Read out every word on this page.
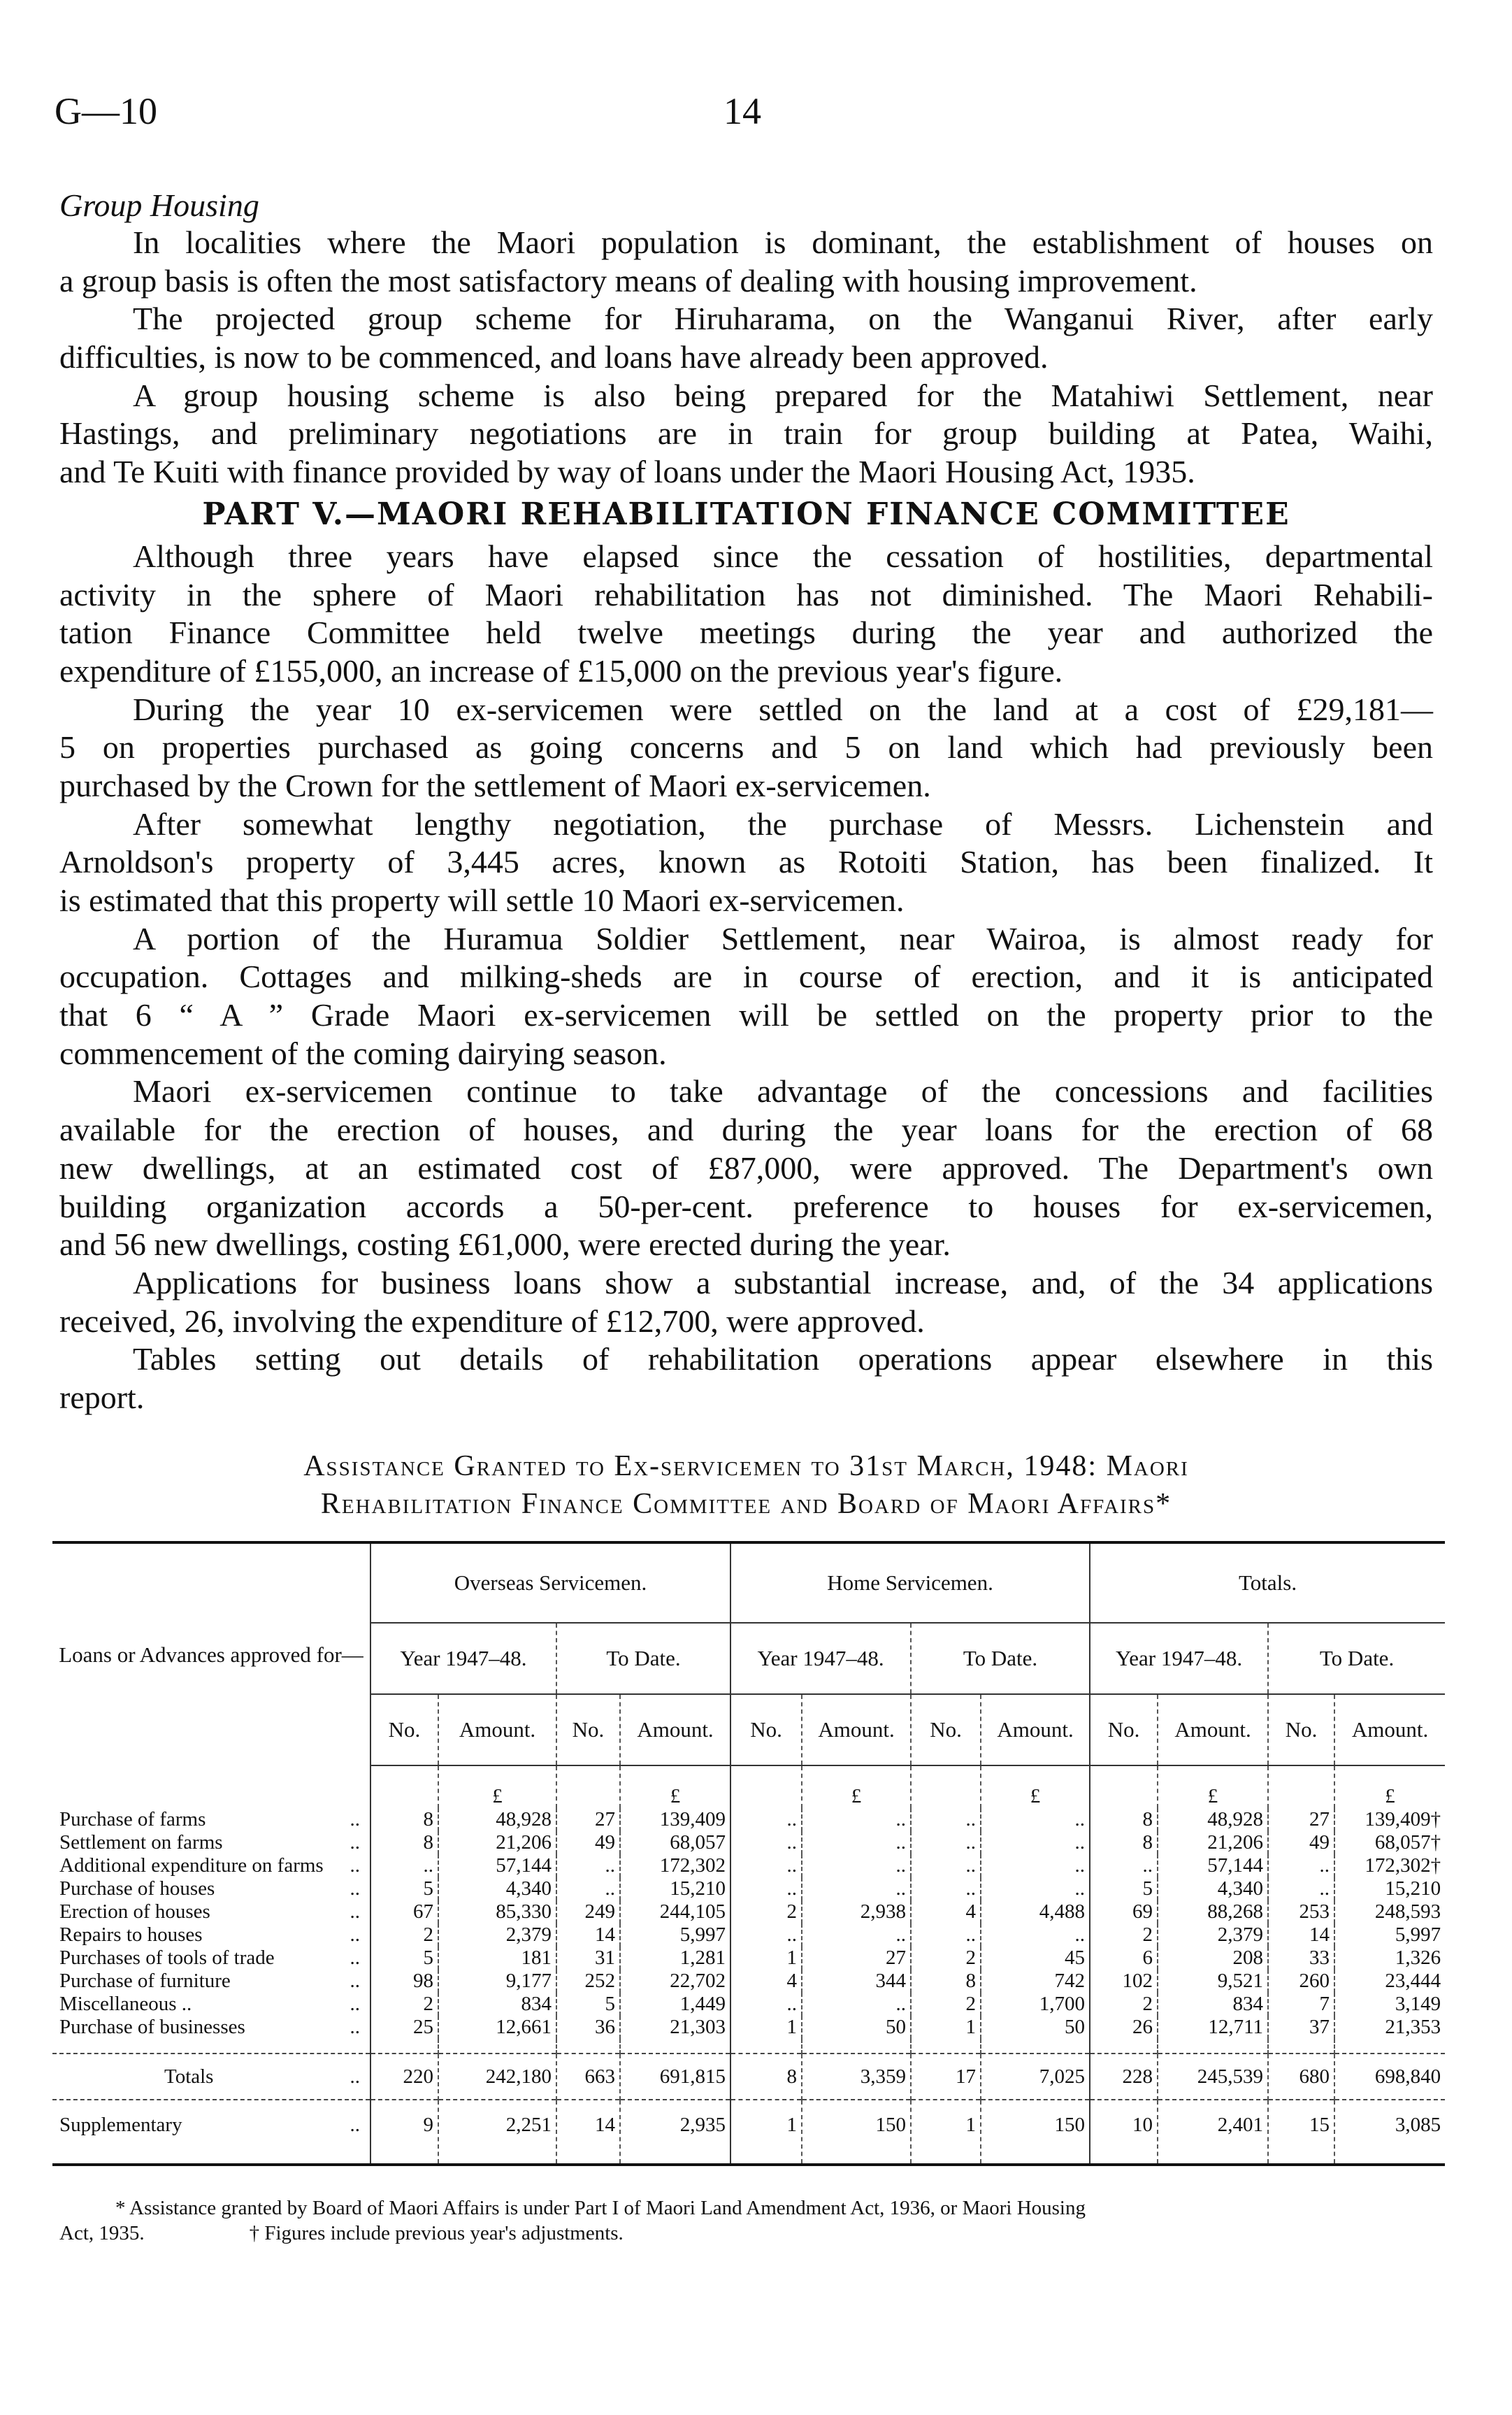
G—10	14
Group Housing
In localities where the Maori population is dominant, the establishment of houses on
a group basis is often the most satisfactory means of dealing with housing improvement.
The projected group scheme for Hiruharama, on the Wanganui River, after early
difficulties, is now to be commenced, and loans have already been approved.
A group housing scheme is also being prepared for the Matahiwi Settlement, near
Hastings, and preliminary negotiations are in train for group building at Patea, Waihi,
and Te Kuiti with finance provided by way of loans under the Maori Housing Act, 1935.
PART V.—MAORI REHABILITATION FINANCE COMMITTEE
Although three years have elapsed since the cessation of hostilities, departmental
activity in the sphere of Maori rehabilitation has not diminished. The Maori Rehabili-
tation Finance Committee held twelve meetings during the year and authorized the
expenditure of £155,000, an increase of £15,000 on the previous year's figure.
During the year 10 ex-servicemen were settled on the land at a cost of £29,181—
5 on properties purchased as going concerns and 5 on land which had previously been
purchased by the Crown for the settlement of Maori ex-servicemen.
After somewhat lengthy negotiation, the purchase of Messrs. Lichenstein and
Arnoldson's property of 3,445 acres, known as Rotoiti Station, has been finalized. It
is estimated that this property will settle 10 Maori ex-servicemen.
A portion of the Huramua Soldier Settlement, near Wairoa, is almost ready for
occupation. Cottages and milking-sheds are in course of erection, and it is anticipated
that 6 “ A ” Grade Maori ex-servicemen will be settled on the property prior to the
commencement of the coming dairying season.
Maori ex-servicemen continue to take advantage of the concessions and facilities
available for the erection of houses, and during the year loans for the erection of 68
new dwellings, at an estimated cost of £87,000, were approved. The Department's own
building organization accords a 50-per-cent. preference to houses for ex-servicemen,
and 56 new dwellings, costing £61,000, were erected during the year.
Applications for business loans show a substantial increase, and, of the 34 applications
received, 26, involving the expenditure of £12,700, were approved.
Tables setting out details of rehabilitation operations appear elsewhere in this
report.
Assistance Granted to Ex-servicemen to 31st March, 1948: Maori
Rehabilitation Finance Committee and Board of Maori Affairs*
Loans or Advances approved for—	Overseas Servicemen.				Home Servicemen.				Totals.			
	Year 1947–48.		To Date.		Year 1947–48.		To Date.		Year 1947–48.		To Date.	
	No.	Amount.	No.	Amount.	No.	Amount.	No.	Amount.	No.	Amount.	No.	Amount.
		£		£		£		£		£		£

..
Purchase of farms	8	48,928	27	139,409	..	..	..	..	8	48,928	27	139,409†

..
Settlement on farms	8	21,206	49	68,057	..	..	..	..	8	21,206	49	68,057†

..
Additional expenditure on farms	..	57,144	..	172,302	..	..	..	..	..	57,144	..	172,302†

..
Purchase of houses	5	4,340	..	15,210	..	..	..	..	5	4,340	..	15,210

..
Erection of houses	67	85,330	249	244,105	2	2,938	4	4,488	69	88,268	253	248,593

..
Repairs to houses	2	2,379	14	5,997	..	..	..	..	2	2,379	14	5,997

..
Purchases of tools of trade	5	181	31	1,281	1	27	2	45	6	208	33	1,326

..
Purchase of furniture	98	9,177	252	22,702	4	344	8	742	102	9,521	260	23,444

..
Miscellaneous ..	2	834	5	1,449	..	..	2	1,700	2	834	7	3,149

..
Purchase of businesses	25	12,661	36	21,303	1	50	1	50	26	12,711	37	21,353

..
Totals	220	242,180	663	691,815	8	3,359	17	7,025	228	245,539	680	698,840

..
Supplementary	9	2,251	14	2,935	1	150	1	150	10	2,401	15	3,085
* Assistance granted by Board of Maori Affairs is under Part I of Maori Land Amendment Act, 1936, or Maori Housing
Act, 1935.	† Figures include previous year's adjustments.
